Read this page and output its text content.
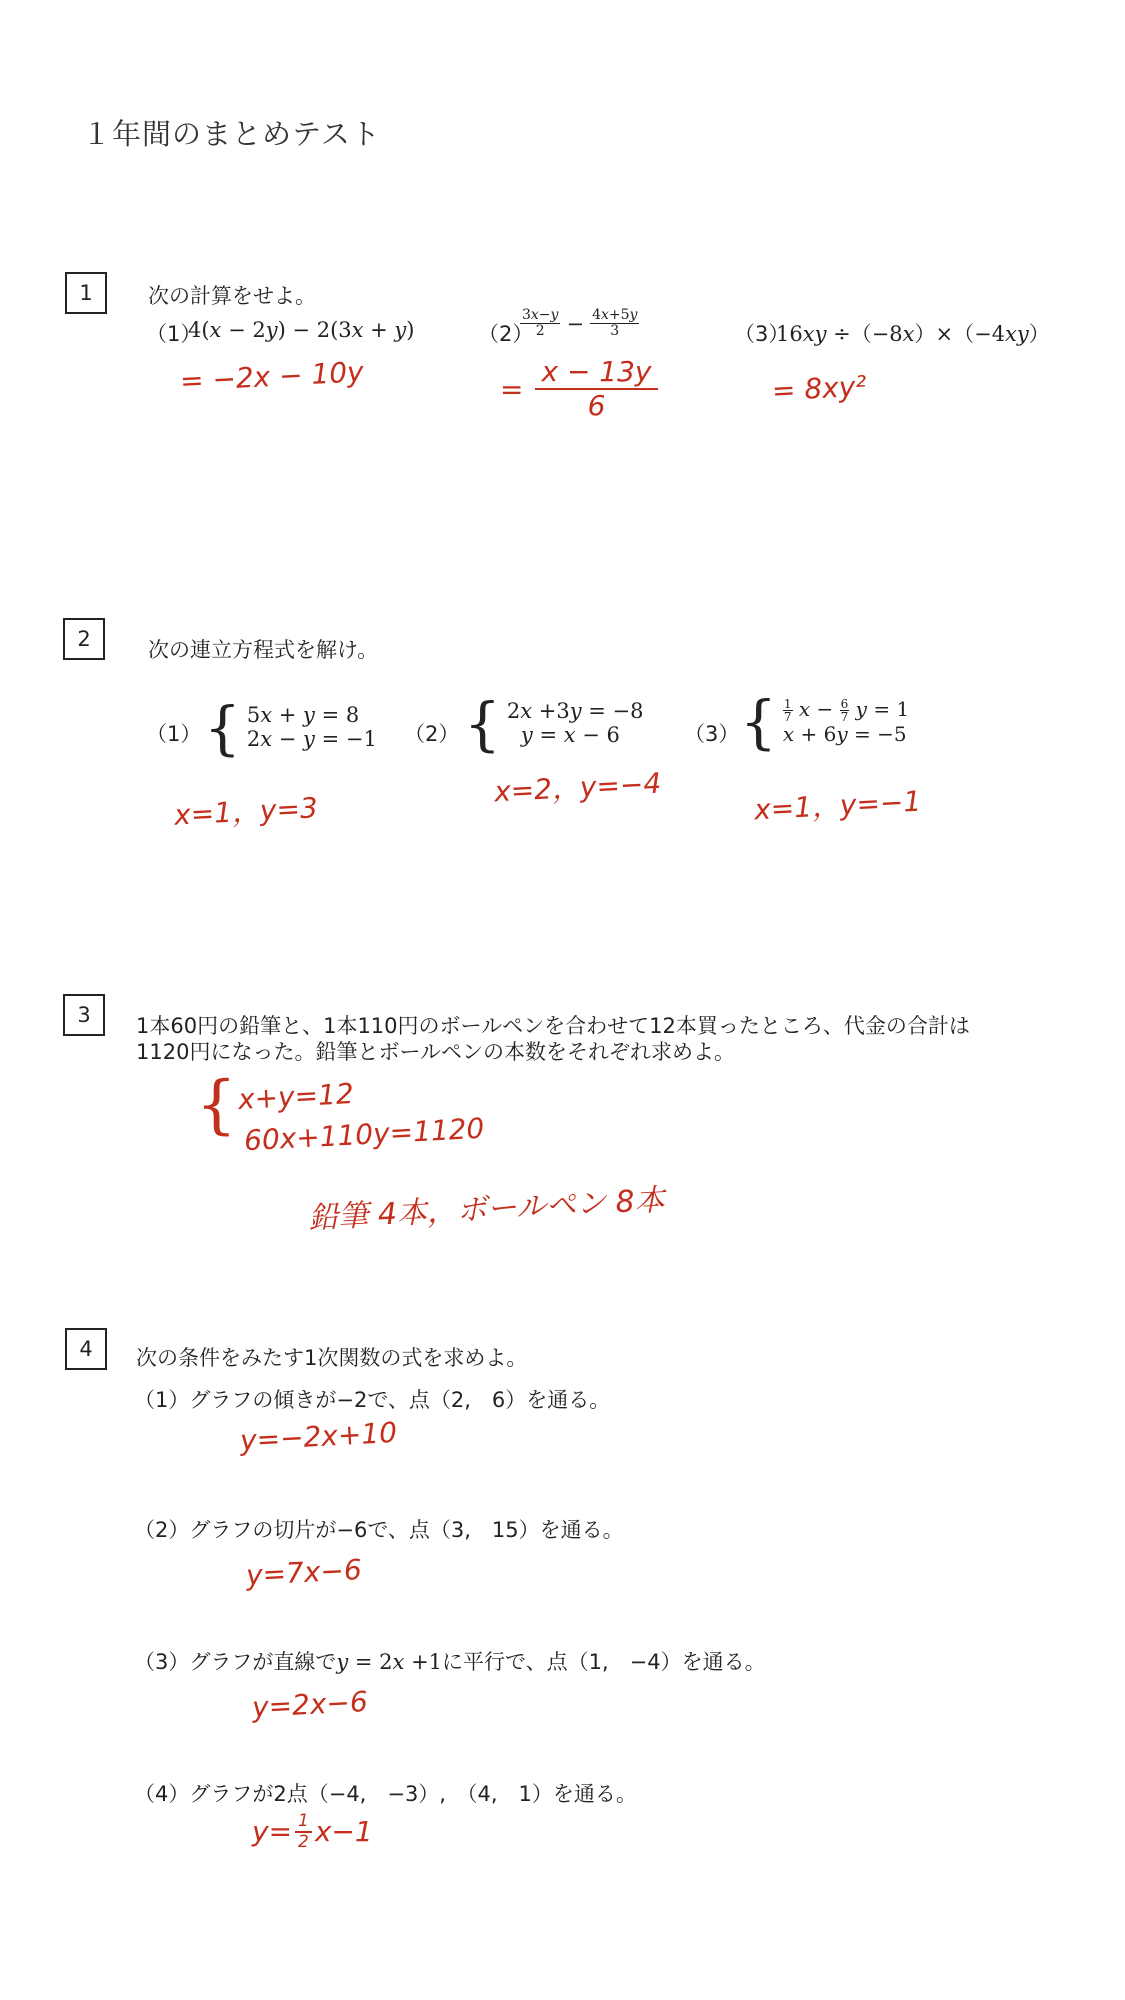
１年間のまとめテスト
1	次の計算をせよ。
（1）
4(𝑥 − 2𝑦) − 2(3𝑥 + 𝑦)
= −2x − 10y
（2）
$\frac{\text{3𝑥−𝑦}}{2} - \frac{\text{4𝑥+5𝑦}}{3}$
= $\frac{x - 13y}{6}$
（3）
16𝑥𝑦 ÷（−8𝑥）×（−4𝑥𝑦）
= 8xy²
2	次の連立方程式を解け。
（1） { 5𝑥 + 𝑦 = 8
2𝑥 − 𝑦 = −1
x=1，y=3
（2） { 2𝑥 +3𝑦 = −8
𝑦 = 𝑥 − 6
x=2，y=−4
（3） { $\frac{1}{7}$ 𝑥 − $\frac{6}{7}$ 𝑦 = 1
𝑥 + 6𝑦 = −5
x=1，y=−1
3	1本60円の鉛筆と、1本110円のボールペンを合わせて12本買ったところ、代金の合計は
1120円になった。鉛筆とボールペンの本数をそれぞれ求めよ。
{ x+y=12
60x+110y=1120
鉛筆 4本，ボールペン 8本
4	次の条件をみたす1次関数の式を求めよ。
（1）グラフの傾きが−2で、点（2,　6）を通る。
y=−2x+10
（2）グラフの切片が−6で、点（3,　15）を通る。
y=7x−6
（3）グラフが直線で𝑦 = 2𝑥 +1に平行で、点（1,　−4）を通る。
y=2x−6
（4）グラフが2点（−4,　−3）,　（4,　1）を通る。
$y= \frac{1}{2} x-1$
